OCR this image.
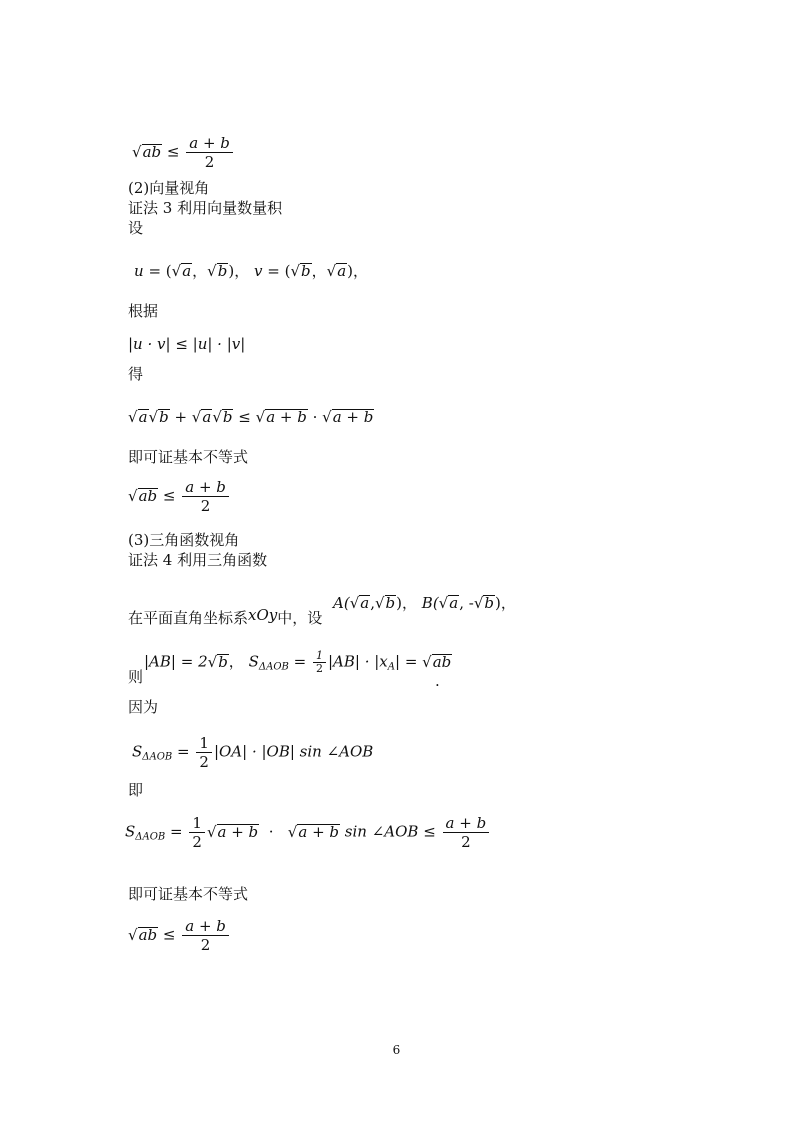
$√ab \le \frac{a + b}{2}$
(2)向量视角
证法 3 利用向量数量积
设
u = (√a，√b)， v = (√b，√a)，
根据
|u · v| ≤ |u| · |v|
得
√a√b + √a√b ≤ √a + b · √a + b
即可证基本不等式
$√ab \le \frac{a + b}{2}$
(3)三角函数视角
证法 4 利用三角函数
在平面直角坐标系xOy中，设
A(√a,√b)， B(√a, -√b)，
则
|AB| = 2√b， $S_{\Delta AOB} = \frac{1}{2} |AB| \cdot |x_A| = √ab$
.
因为
$S_{\Delta AOB} = \frac{1}{2} |OA| \cdot |OB|$ sin ∠AOB
即
$S_{\Delta AOB} = \frac{1}{2} √a + b \cdot √a + b$ sin ∠AOB ≤ $\frac{a + b}{2}$
即可证基本不等式
$√ab \le \frac{a + b}{2}$
6
